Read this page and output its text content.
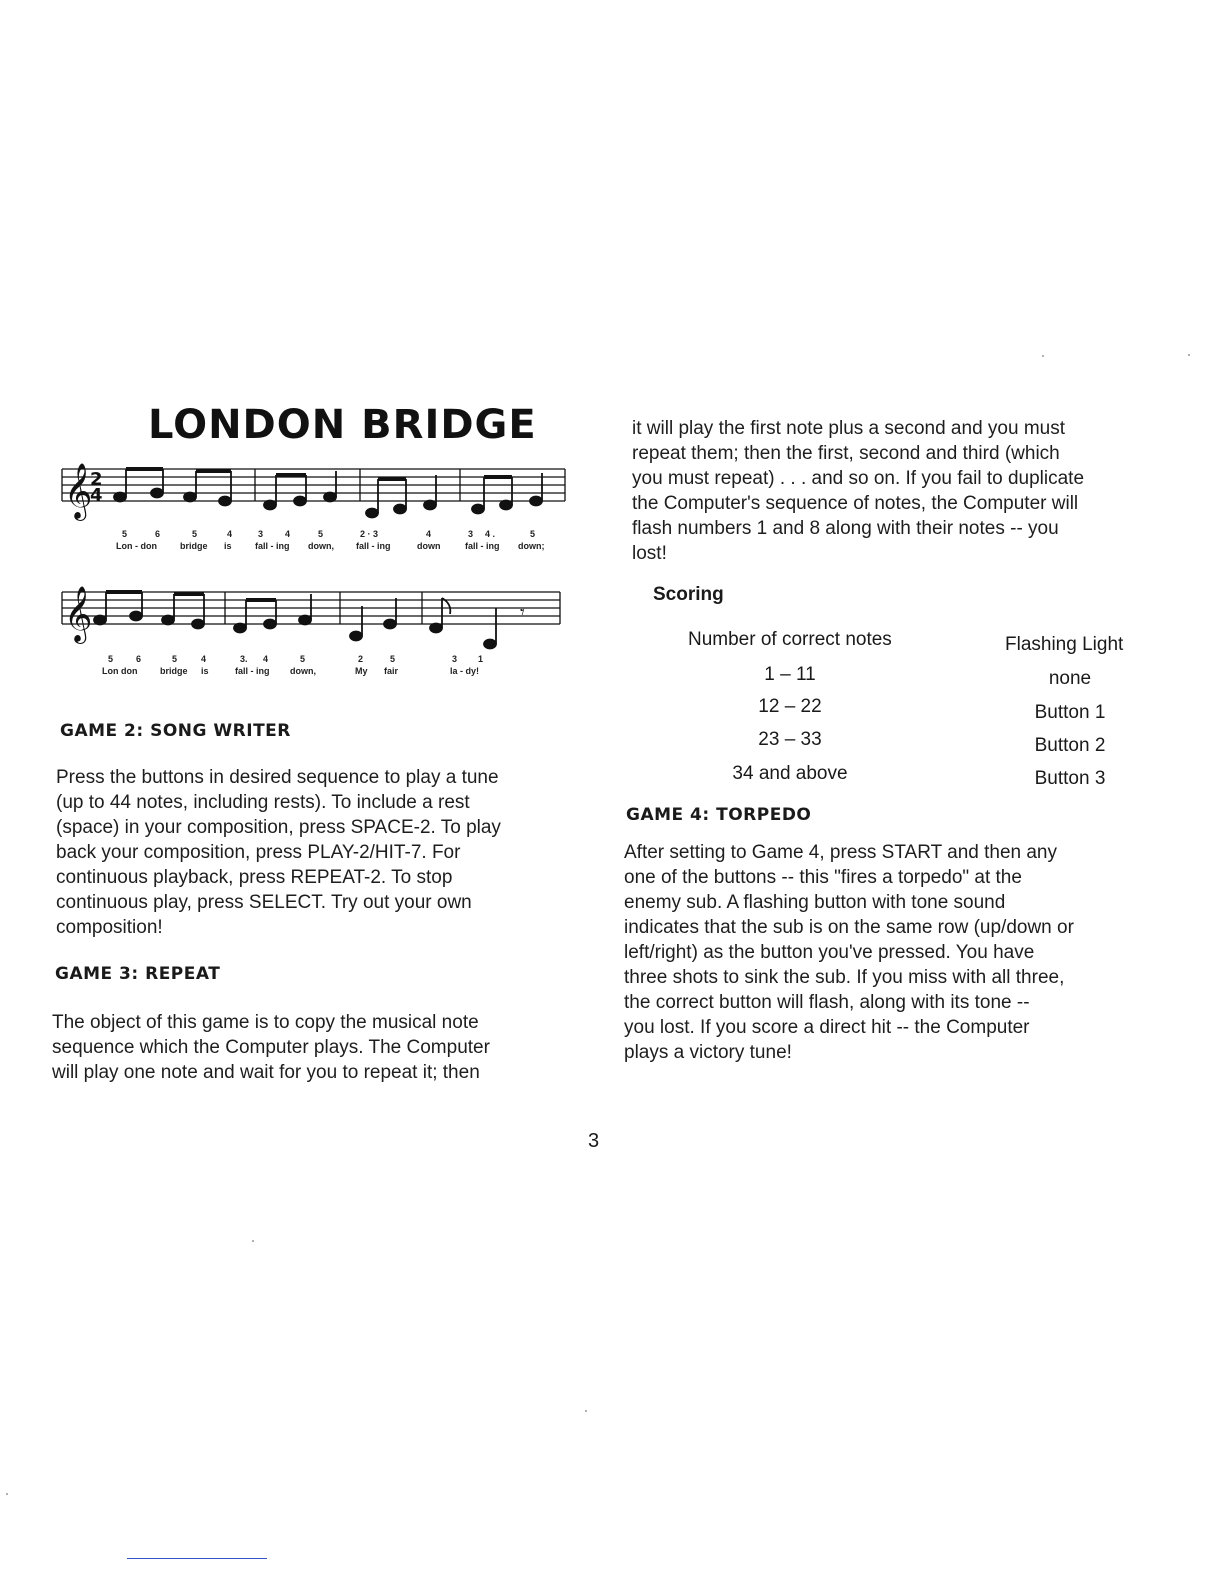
LONDON BRIDGE
𝄞
2
4
5	6	5	4	3 4	5	2 · 3	4	3 4 .	5
Lon - don	bridge is	fall - ing down, fall - ing	down	fall - ing down;
𝄞	𝄾
5	6	5	4	3. 4	5	2	5	3 1
Lon don	bridge is	fall - ing down,	My fair	la - dy!
GAME 2: SONG WRITER
Press the buttons in desired sequence to play a tune
(up to 44 notes, including rests). To include a rest
(space) in your composition, press SPACE-2. To play
back your composition, press PLAY-2/HIT-7. For
continuous playback, press REPEAT-2. To stop
continuous play, press SELECT. Try out your own
composition!
GAME 3: REPEAT
The object of this game is to copy the musical note
sequence which the Computer plays. The Computer
will play one note and wait for you to repeat it; then
it will play the first note plus a second and you must
repeat them; then the first, second and third (which
you must repeat) . . . and so on. If you fail to duplicate
the Computer's sequence of notes, the Computer will
flash numbers 1 and 8 along with their notes -- you
lost!
Scoring
Number of correct notes	Flashing Light
1 – 11	none
12 – 22	Button 1
23 – 33	Button 2
34 and above	Button 3
GAME 4: TORPEDO
After setting to Game 4, press START and then any
one of the buttons -- this "fires a torpedo" at the
enemy sub. A flashing button with tone sound
indicates that the sub is on the same row (up/down or
left/right) as the button you've pressed. You have
three shots to sink the sub. If you miss with all three,
the correct button will flash, along with its tone --
you lost. If you score a direct hit -- the Computer
plays a victory tune!
3
